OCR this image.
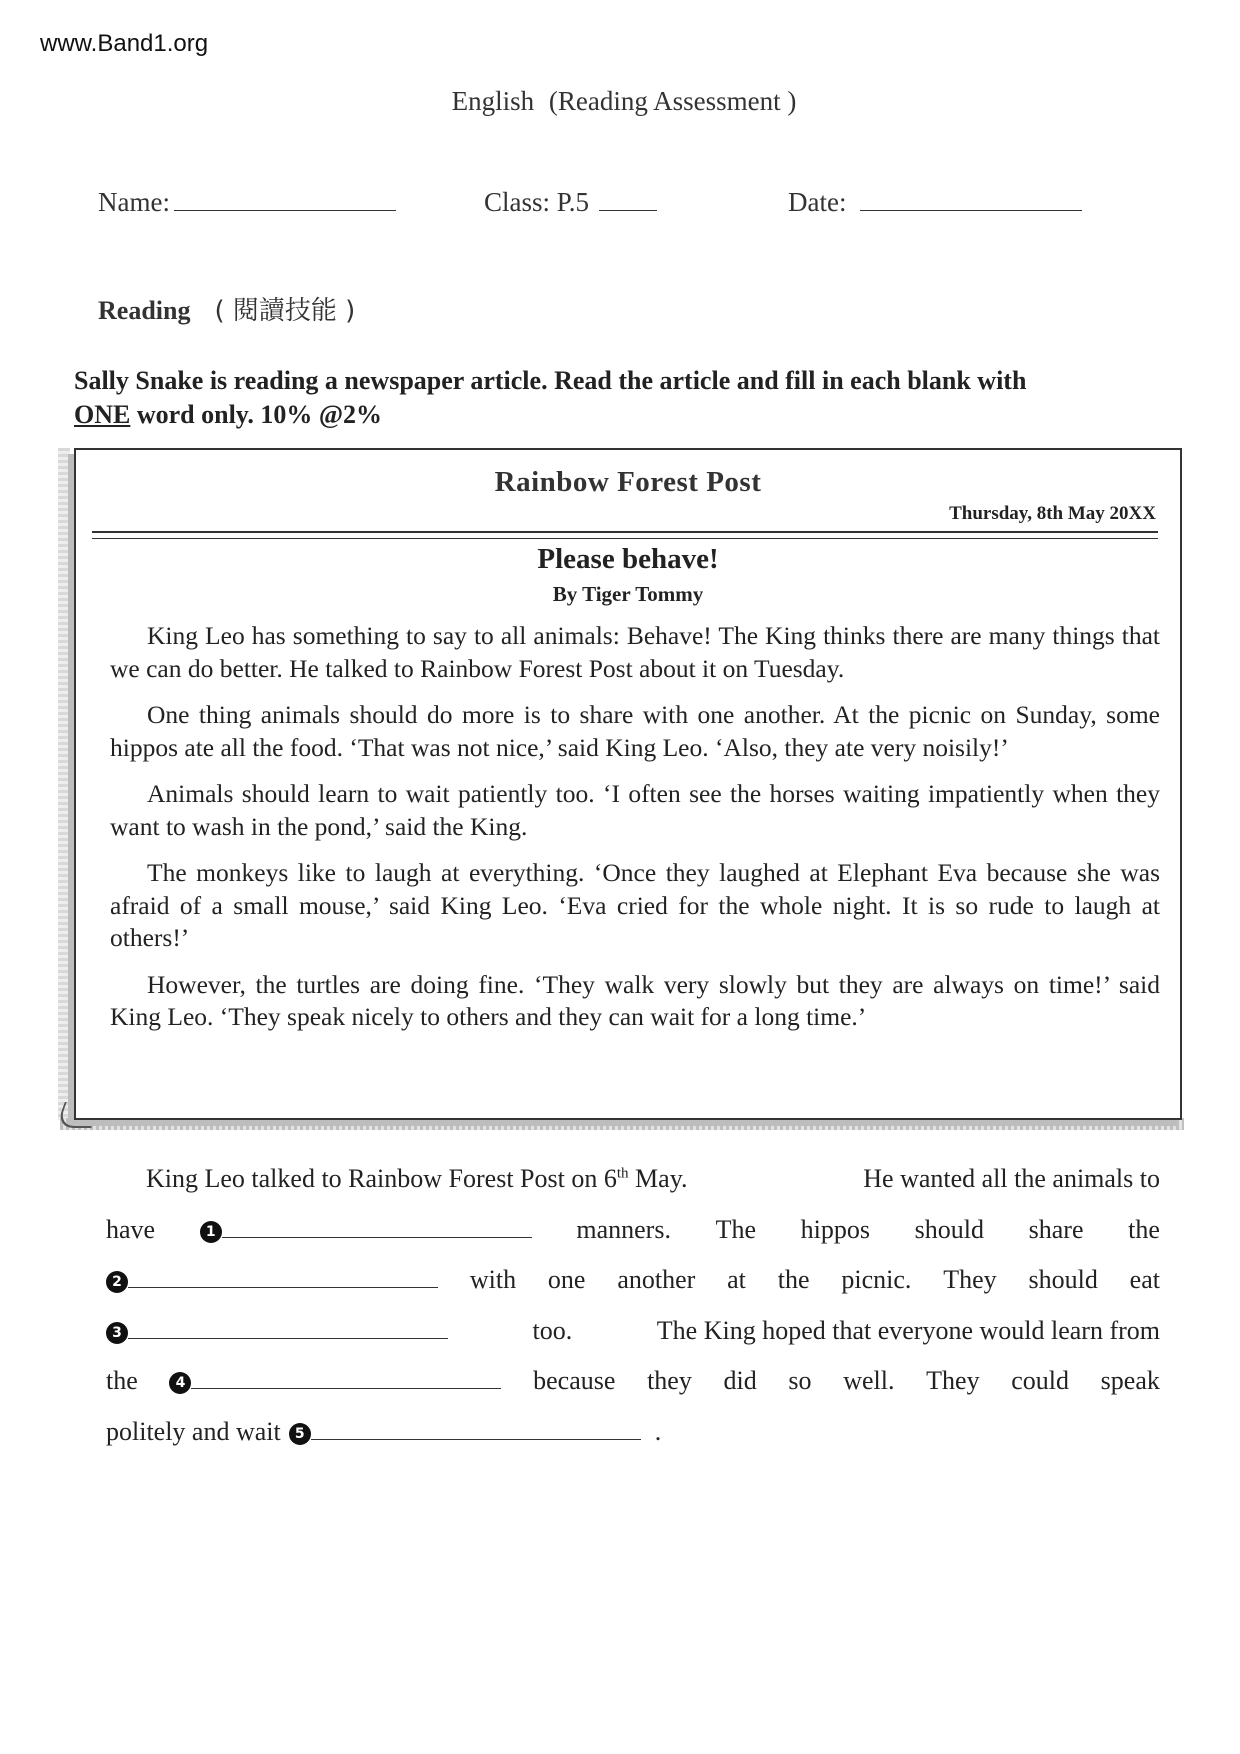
www.Band1.org
English (Reading Assessment )
Name:	Class: P.5	Date:
Reading ( 閱讀技能 )
Sally Snake is reading a newspaper article. Read the article and fill in each blank with
ONE word only. 10% @2%
Rainbow Forest Post
Thursday, 8th May 20XX
Please behave!
By Tiger Tommy

King Leo has something to say to all animals: Behave! The King thinks there are many things that we can do better. He talked to Rainbow Forest Post about it on Tuesday.

One thing animals should do more is to share with one another. At the picnic on Sunday, some hippos ate all the food. ‘That was not nice,’ said King Leo. ‘Also, they ate very noisily!’

Animals should learn to wait patiently too. ‘I often see the horses waiting impatiently when they want to wash in the pond,’ said the King.

The monkeys like to laugh at everything. ‘Once they laughed at Elephant Eva because she was afraid of a small mouse,’ said King Leo. ‘Eva cried for the whole night. It is so rude to laugh at others!’

However, the turtles are doing fine. ‘They walk very slowly but they are always on time!’ said King Leo. ‘They speak nicely to others and they can wait for a long time.’

King Leo talked to Rainbow Forest Post on 6th May.	He wanted all the animals to
have	1	manners. The hippos should share the
2	with one another at the picnic. They should eat
3	too.	The King hoped that everyone would learn from
the	4	because they did so well. They could speak
politely and wait	5	.
